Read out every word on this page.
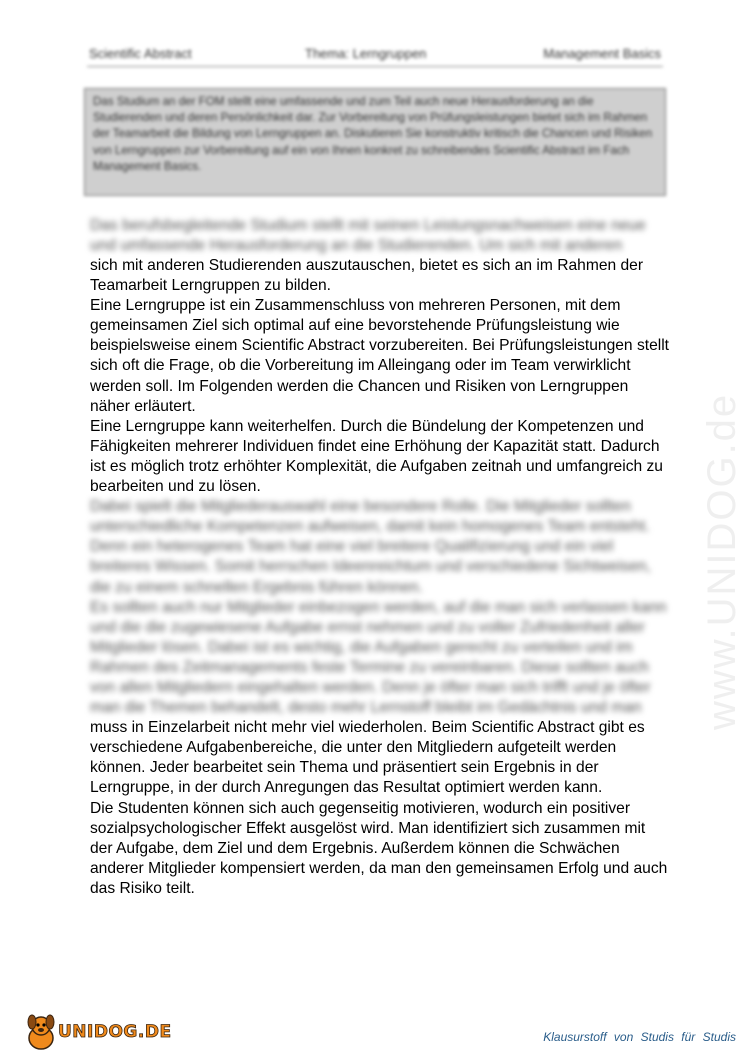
Scientific Abstract	Thema: Lerngruppen	Management Basics
Das Studium an der FOM stellt eine umfassende und zum Teil auch neue Herausforderung an die Studierenden und deren Persönlichkeit dar. Zur Vorbereitung von Prüfungsleistungen bietet sich im Rahmen der Teamarbeit die Bildung von Lerngruppen an. Diskutieren Sie konstruktiv kritisch die Chancen und Risiken von Lerngruppen zur Vorbereitung auf ein von Ihnen konkret zu schreibendes Scientific Abstract im Fach Management Basics.
www.UNIDOG.de

Das berufsbegleitende Studium stellt mit seinen Leistungsnachweisen eine neue und umfassende Herausforderung an die Studierenden. Um sich mit anderen

sich mit anderen Studierenden auszutauschen, bietet es sich an im Rahmen der Teamarbeit Lerngruppen zu bilden.

Eine Lerngruppe ist ein Zusammenschluss von mehreren Personen, mit dem gemeinsamen Ziel sich optimal auf eine bevorstehende Prüfungsleistung wie beispielsweise einem Scientific Abstract vorzubereiten. Bei Prüfungsleistungen stellt sich oft die Frage, ob die Vorbereitung im Alleingang oder im Team verwirklicht werden soll. Im Folgenden werden die Chancen und Risiken von Lerngruppen näher erläutert.

Eine Lerngruppe kann weiterhelfen. Durch die Bündelung der Kompetenzen und Fähigkeiten mehrerer Individuen findet eine Erhöhung der Kapazität statt. Dadurch ist es möglich trotz erhöhter Komplexität, die Aufgaben zeitnah und umfangreich zu bearbeiten und zu lösen.

Dabei spielt die Mitgliederauswahl eine besondere Rolle. Die Mitglieder sollten unterschiedliche Kompetenzen aufweisen, damit kein homogenes Team entsteht. Denn ein heterogenes Team hat eine viel breitere Qualifizierung und ein viel breiteres Wissen. Somit herrschen Ideenreichtum und verschiedene Sichtweisen, die zu einem schnellen Ergebnis führen können.

Es sollten auch nur Mitglieder einbezogen werden, auf die man sich verlassen kann und die die zugewiesene Aufgabe ernst nehmen und zu voller Zufriedenheit aller Mitglieder lösen. Dabei ist es wichtig, die Aufgaben gerecht zu verteilen und im Rahmen des Zeitmanagements feste Termine zu vereinbaren. Diese sollten auch von allen Mitgliedern eingehalten werden. Denn je öfter man sich trifft und je öfter man die Themen behandelt, desto mehr Lernstoff bleibt im Gedächtnis und man

muss in Einzelarbeit nicht mehr viel wiederholen. Beim Scientific Abstract gibt es verschiedene Aufgabenbereiche, die unter den Mitgliedern aufgeteilt werden können. Jeder bearbeitet sein Thema und präsentiert sein Ergebnis in der Lerngruppe, in der durch Anregungen das Resultat optimiert werden kann.

Die Studenten können sich auch gegenseitig motivieren, wodurch ein positiver sozialpsychologischer Effekt ausgelöst wird. Man identifiziert sich zusammen mit der Aufgabe, dem Ziel und dem Ergebnis. Außerdem können die Schwächen anderer Mitglieder kompensiert werden, da man den gemeinsamen Erfolg und auch das Risiko teilt.

UNIDOG.DE	Klausurstoff von Studis für Studis
